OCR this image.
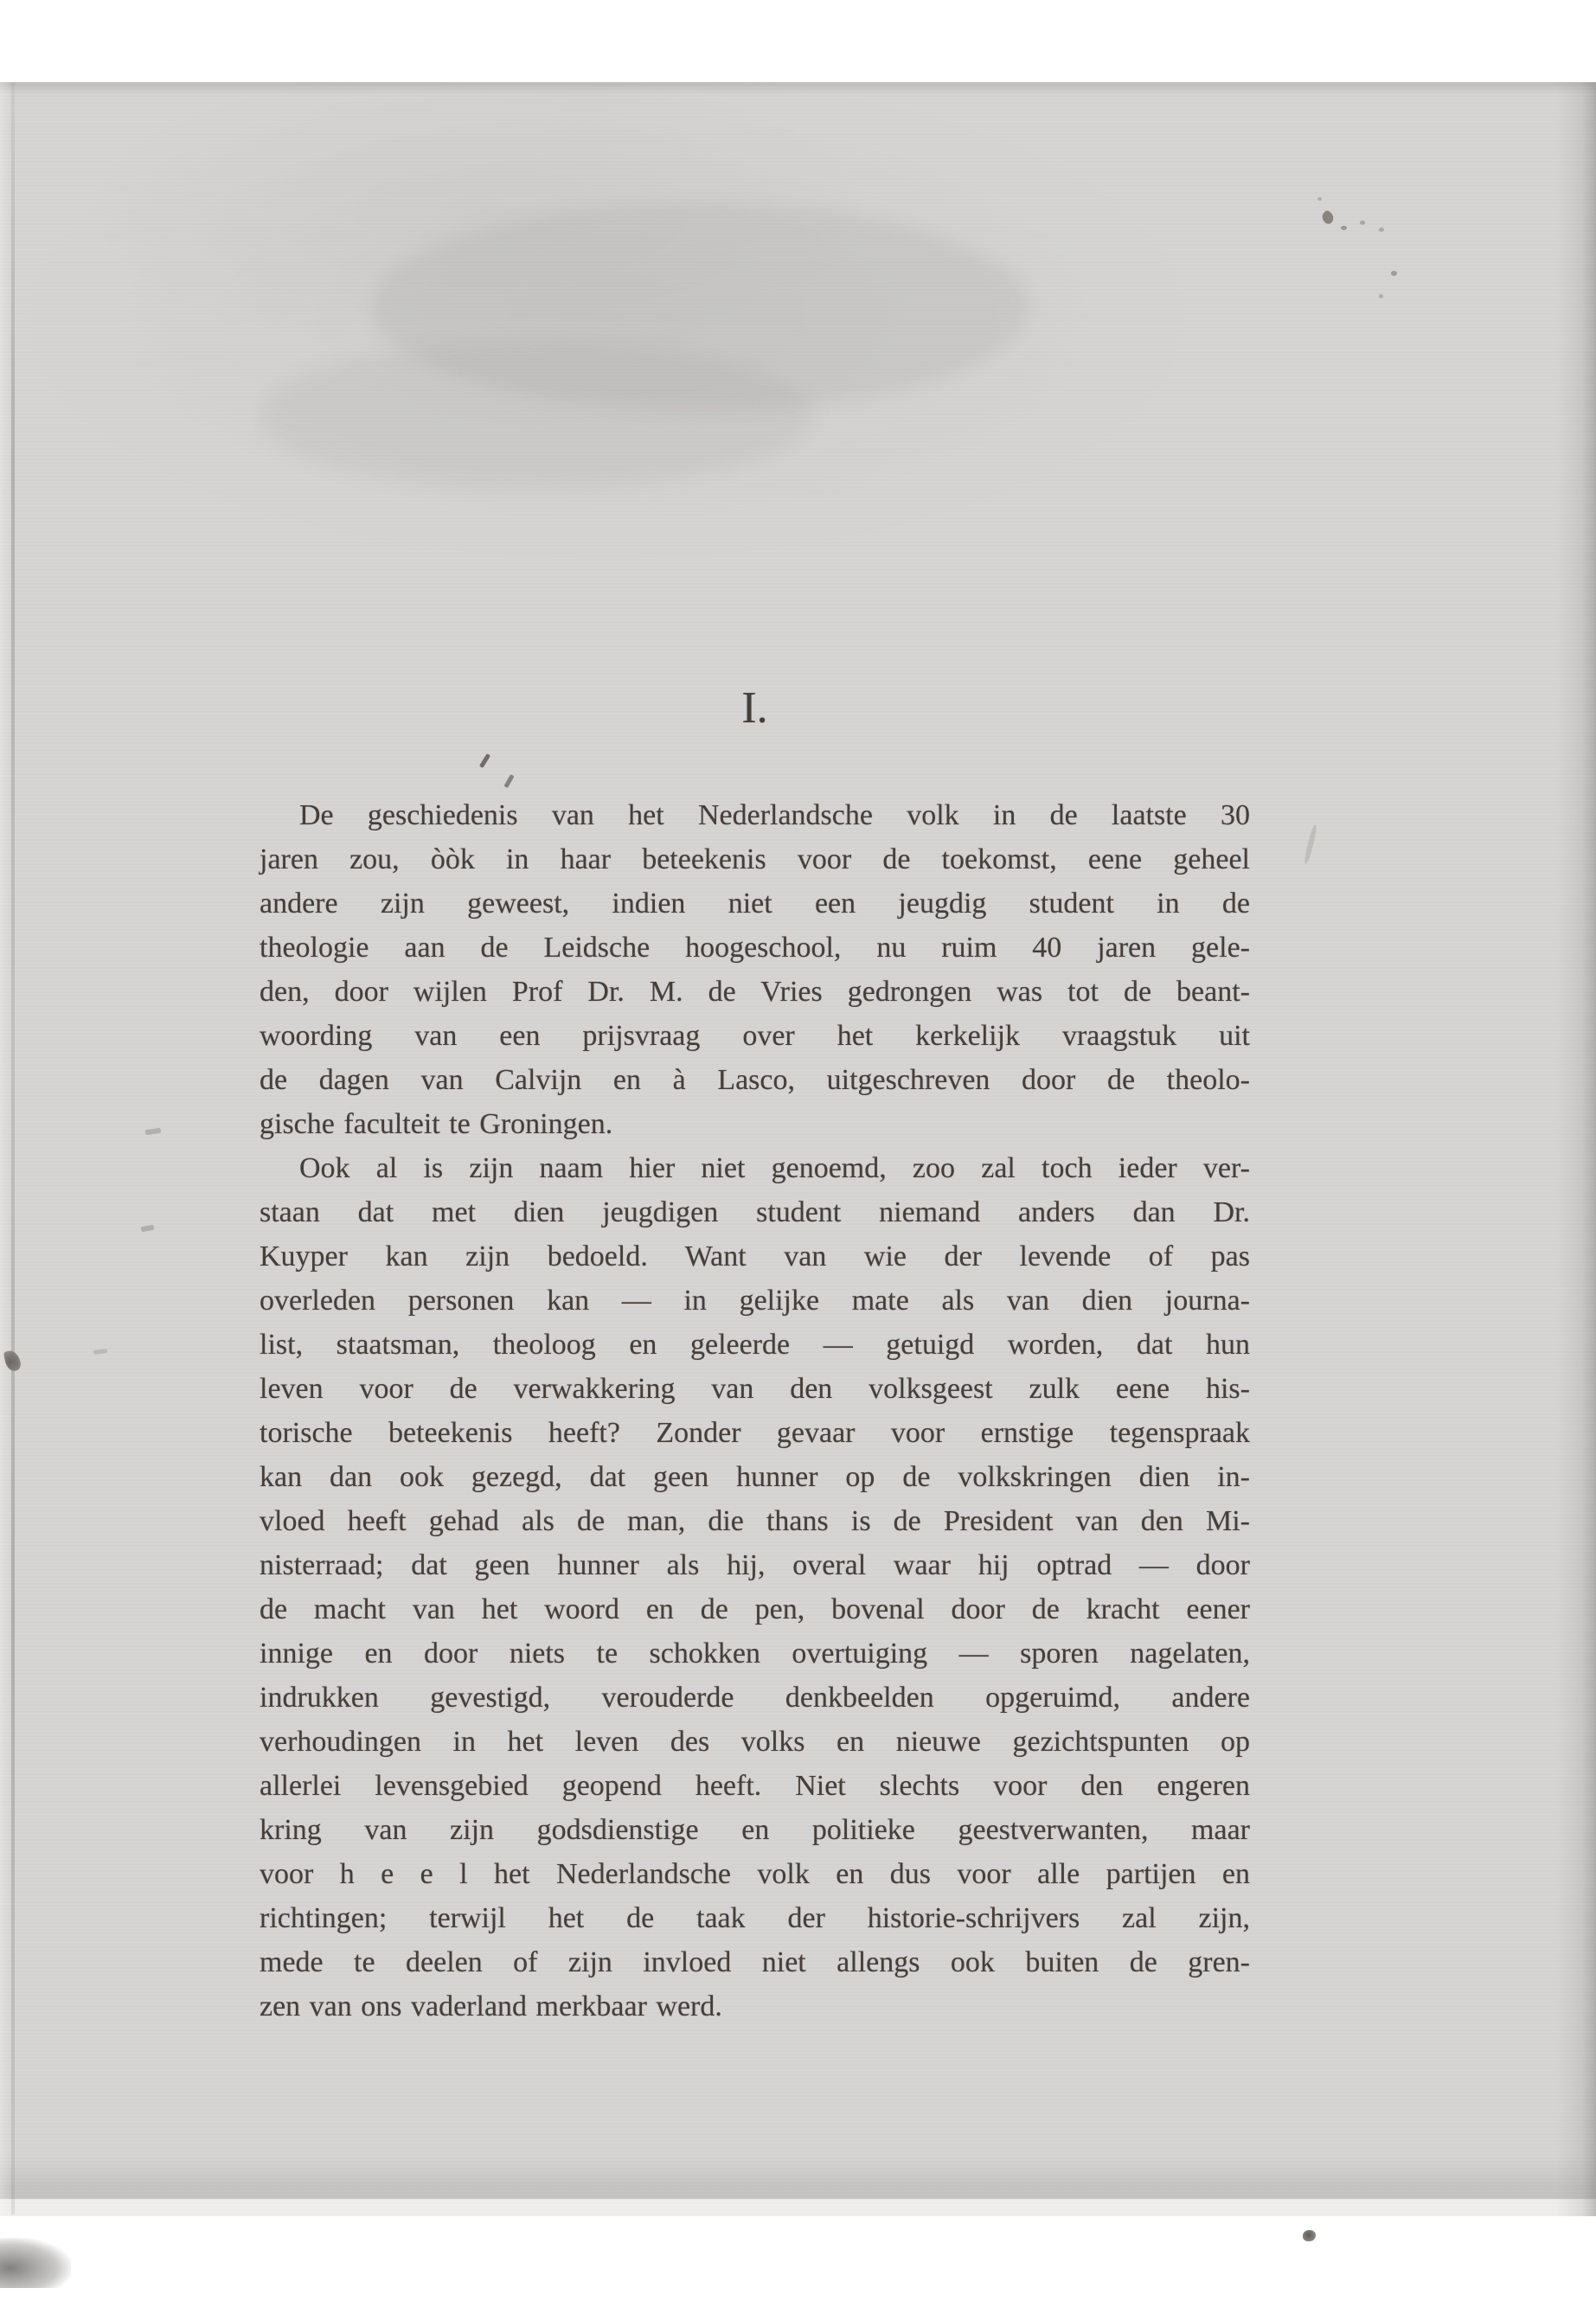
I.
De geschiedenis van het Nederlandsche volk in de laatste 30
jaren zou, òòk in haar beteekenis voor de toekomst, eene geheel
andere zijn geweest, indien niet een jeugdig student in de
theologie aan de Leidsche hoogeschool, nu ruim 40 jaren gele-
den, door wijlen Prof Dr. M. de Vries gedrongen was tot de beant-
woording van een prijsvraag over het kerkelijk vraagstuk uit
de dagen van Calvijn en à Lasco, uitgeschreven door de theolo-
gische faculteit te Groningen.
Ook al is zijn naam hier niet genoemd, zoo zal toch ieder ver-
staan dat met dien jeugdigen student niemand anders dan Dr.
Kuyper kan zijn bedoeld. Want van wie der levende of pas
overleden personen kan — in gelijke mate als van dien journa-
list, staatsman, theoloog en geleerde — getuigd worden, dat hun
leven voor de verwakkering van den volksgeest zulk eene his-
torische beteekenis heeft? Zonder gevaar voor ernstige tegenspraak
kan dan ook gezegd, dat geen hunner op de volkskringen dien in-
vloed heeft gehad als de man, die thans is de President van den Mi-
nisterraad; dat geen hunner als hij, overal waar hij optrad — door
de macht van het woord en de pen, bovenal door de kracht eener
innige en door niets te schokken overtuiging — sporen nagelaten,
indrukken gevestigd, verouderde denkbeelden opgeruimd, andere
verhoudingen in het leven des volks en nieuwe gezichtspunten op
allerlei levensgebied geopend heeft. Niet slechts voor den engeren
kring van zijn godsdienstige en politieke geestverwanten, maar
voor h e e l het Nederlandsche volk en dus voor alle partijen en
richtingen; terwijl het de taak der historie-schrijvers zal zijn,
mede te deelen of zijn invloed niet allengs ook buiten de gren-
zen van ons vaderland merkbaar werd.
